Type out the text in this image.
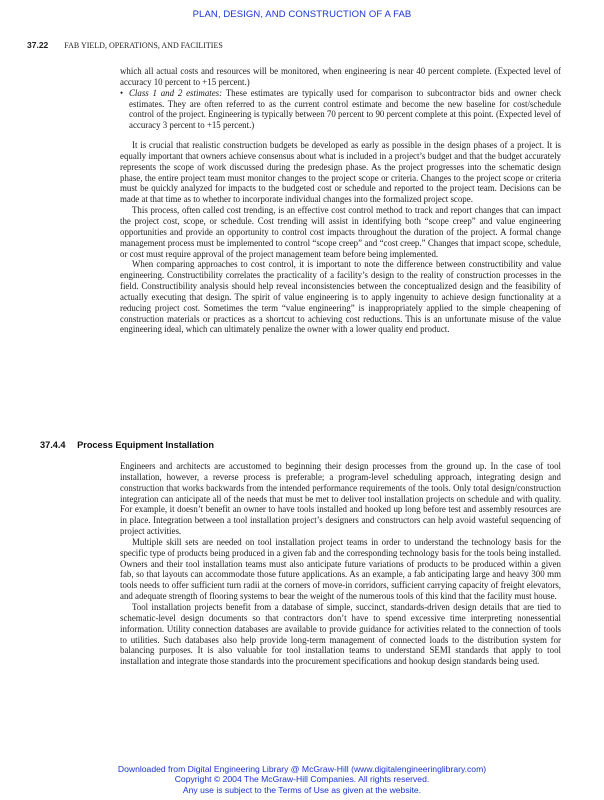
PLAN, DESIGN, AND CONSTRUCTION OF A FAB
37.22 FAB YIELD, OPERATIONS, AND FACILITIES

which all actual costs and resources will be monitored, when engineering is near 40 percent complete. (Expected level of accuracy 10 percent to +15 percent.)

• Class 1 and 2 estimates: These estimates are typically used for comparison to subcontractor bids and owner check estimates. They are often referred to as the current control estimate and become the new baseline for cost/schedule control of the project. Engineering is typically between 70 percent to 90 percent complete at this point. (Expected level of accuracy 3 percent to +15 percent.)

It is crucial that realistic construction budgets be developed as early as possible in the design phases of a project. It is equally important that owners achieve consensus about what is included in a project’s budget and that the budget accurately represents the scope of work discussed during the predesign phase. As the project progresses into the schematic design phase, the entire project team must monitor changes to the project scope or criteria. Changes to the project scope or criteria must be quickly analyzed for impacts to the budgeted cost or schedule and reported to the project team. Decisions can be made at that time as to whether to incorporate individual changes into the formalized project scope.

This process, often called cost trending, is an effective cost control method to track and report changes that can impact the project cost, scope, or schedule. Cost trending will assist in identifying both “scope creep” and value engineering opportunities and provide an opportunity to control cost impacts throughout the duration of the project. A formal change management process must be implemented to control “scope creep” and “cost creep.” Changes that impact scope, schedule, or cost must require approval of the project management team before being implemented.

When comparing approaches to cost control, it is important to note the difference between constructibility and value engineering. Constructibility correlates the practicality of a facility’s design to the reality of construction processes in the field. Constructibility analysis should help reveal inconsistencies between the conceptualized design and the feasibility of actually executing that design. The spirit of value engineering is to apply ingenuity to achieve design functionality at a reducing project cost. Sometimes the term “value engineering” is inappropriately applied to the simple cheapening of construction materials or practices as a shortcut to achieving cost reductions. This is an unfortunate misuse of the value engineering ideal, which can ultimately penalize the owner with a lower quality end product.

37.4.4 Process Equipment Installation

Engineers and architects are accustomed to beginning their design processes from the ground up. In the case of tool installation, however, a reverse process is preferable; a program-level scheduling approach, integrating design and construction that works backwards from the intended performance requirements of the tools. Only total design/construction integration can anticipate all of the needs that must be met to deliver tool installation projects on schedule and with quality. For example, it doesn’t benefit an owner to have tools installed and hooked up long before test and assembly resources are in place. Integration between a tool installation project’s designers and constructors can help avoid wasteful sequencing of project activities.

Multiple skill sets are needed on tool installation project teams in order to understand the technology basis for the specific type of products being produced in a given fab and the corresponding technology basis for the tools being installed. Owners and their tool installation teams must also anticipate future variations of products to be produced within a given fab, so that layouts can accommodate those future applications. As an example, a fab anticipating large and heavy 300 mm tools needs to offer sufficient turn radii at the corners of move-in corridors, sufficient carrying capacity of freight elevators, and adequate strength of flooring systems to bear the weight of the numerous tools of this kind that the facility must house.

Tool installation projects benefit from a database of simple, succinct, standards-driven design details that are tied to schematic-level design documents so that contractors don’t have to spend excessive time interpreting nonessential information. Utility connection databases are available to provide guidance for activities related to the connection of tools to utilities. Such databases also help provide long-term management of connected loads to the distribution system for balancing purposes. It is also valuable for tool installation teams to understand SEMI standards that apply to tool installation and integrate those standards into the procurement specifications and hookup design standards being used.

Downloaded from Digital Engineering Library @ McGraw-Hill (www.digitalengineeringlibrary.com)
Copyright © 2004 The McGraw-Hill Companies. All rights reserved.
Any use is subject to the Terms of Use as given at the website.
